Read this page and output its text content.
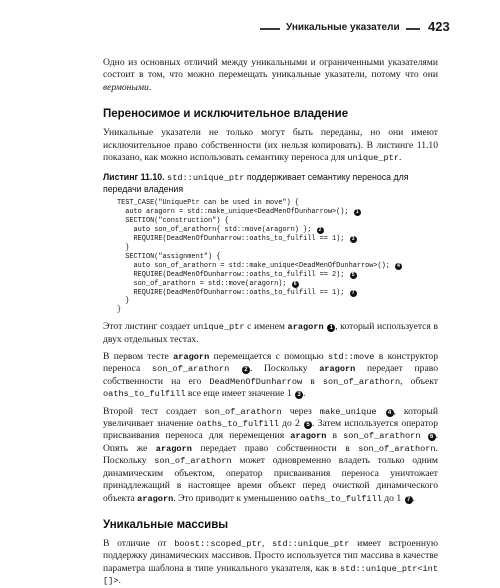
Уникальные указатели	423

Одно из основных отличий между уникальными и ограниченными указателями состоит в том, что можно перемещать уникальные указатели, потому что они вермоными.

Переносимое и исключительное владение

Уникальные указатели не только могут быть переданы, но они имеют исключительное право собственности (их нельзя копировать). В листинге 11.10 показано, как можно использовать семантику переноса для unique_ptr.

Листинг 11.10. std::unique_ptr поддерживает семантику переноса для передачи владения
TEST_CASE("UniquePtr can be used in move") {
auto aragorn = std::make_unique<DeadMenOfDunharrow>(); 1
SECTION("construction") {
auto son_of_arathorn{ std::move(aragorn) }; 2
REQUIRE(DeadMenOfDunharrow::oaths_to_fulfill == 1); 3
}
SECTION("assignment") {
auto son_of_arathorn = std::make_unique<DeadMenOfDunharrow>(); 4
REQUIRE(DeadMenOfDunharrow::oaths_to_fulfill == 2); 5
son_of_arathorn = std::move(aragorn); 6
REQUIRE(DeadMenOfDunharrow::oaths_to_fulfill == 1); 7
}
}

Этот листинг создает unique_ptr с именем aragorn 1 , который используется в двух отдельных тестах.

В первом тесте aragorn перемещается с помощью std::move в конструктор переноса son_of_arathorn 2 . Поскольку aragorn передает право собственности на его DeadMenOfDunharrow в son_of_arathorn, объект oaths_to_fulfill все еще имеет значение 1 3 .

Второй тест создает son_of_arathorn через make_unique 4 , который увеличивает значение oaths_to_fulfill до 2 5 . Затем используется оператор присваивания переноса для перемещения aragorn в son_of_arathorn 6 . Опять же aragorn передает право собственности в son_of_arathorn. Поскольку son_of_arathorn может одновременно владеть только одним динамическим объектом, оператор присваивания переноса уничтожает принадлежащий в настоящее время объект перед очисткой динамического объекта aragorn. Это приводит к уменьшению oaths_to_fulfill до 1 7 .

Уникальные массивы

В отличие от boost::scoped_ptr, std::unique_ptr имеет встроенную поддержку динамических массивов. Просто используется тип массива в качестве параметра шаблона в типе уникального указателя, как в std::unique_ptr<int []>.
